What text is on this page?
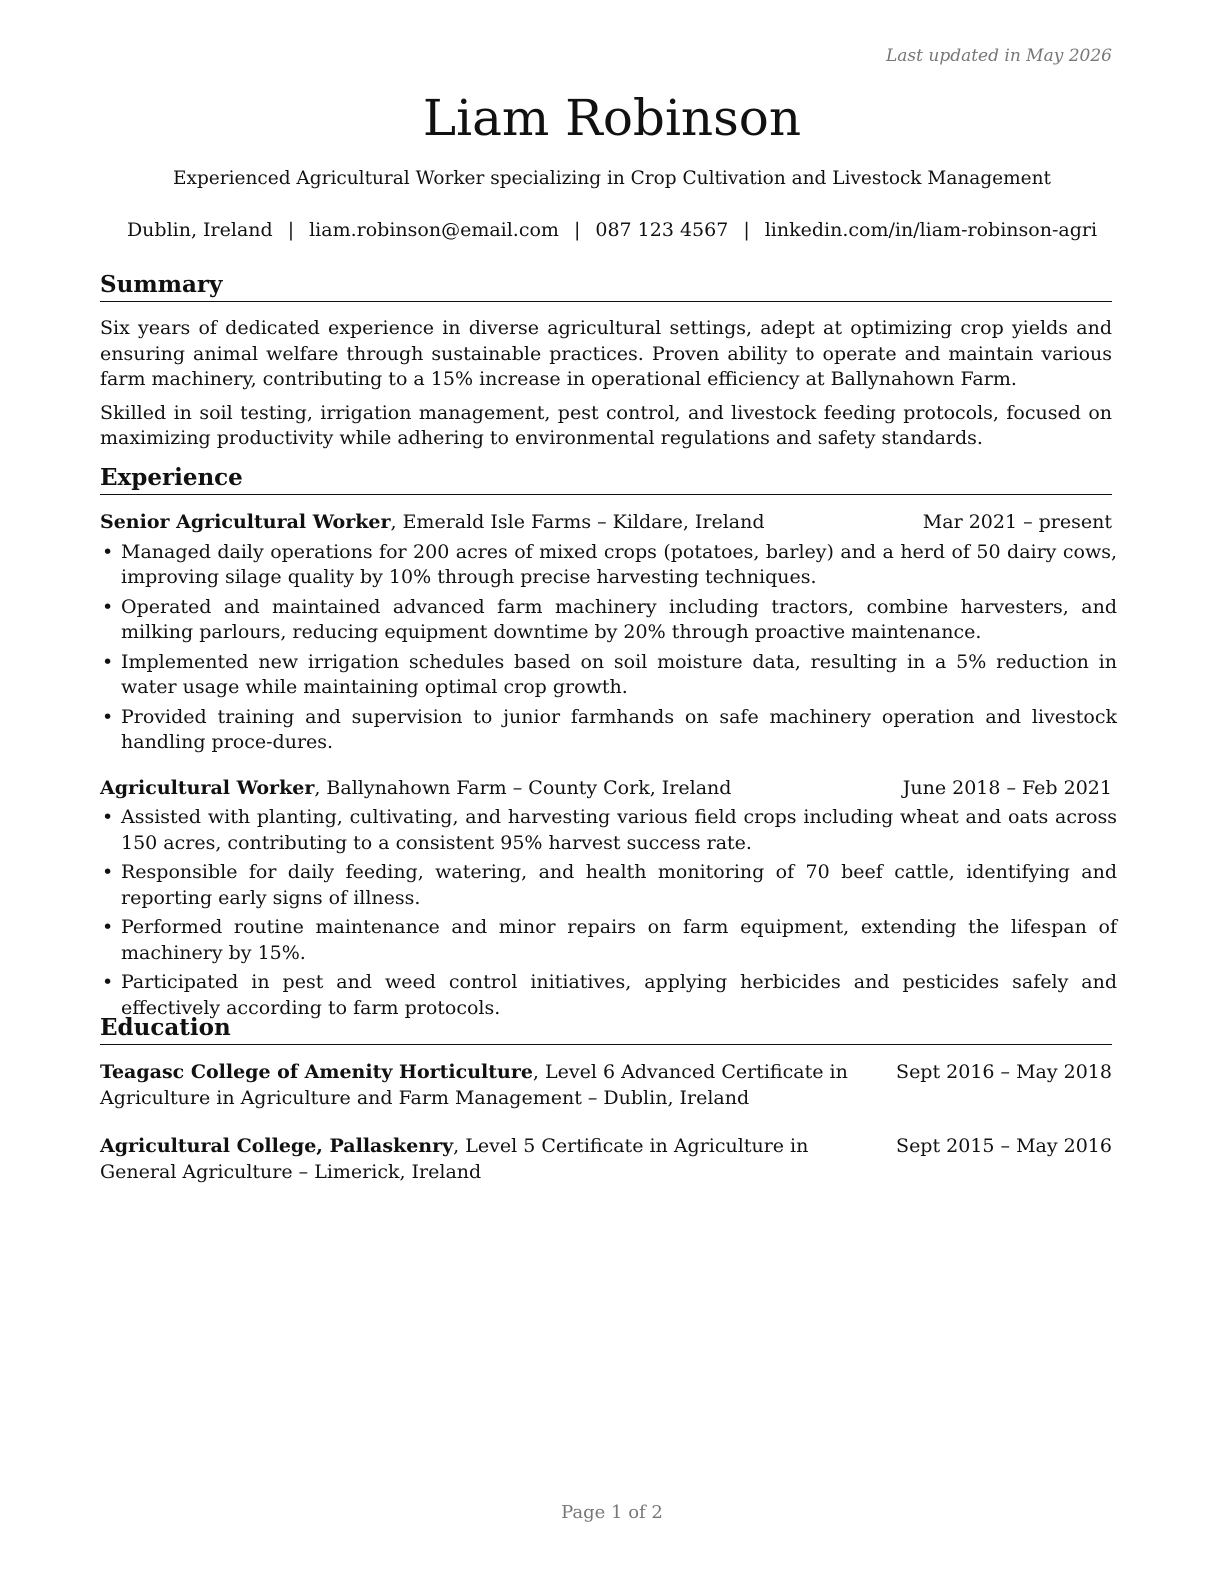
Last updated in May 2026
Liam Robinson
Experienced Agricultural Worker specializing in Crop Cultivation and Livestock Management
Dublin, Ireland | liam.robinson@email.com | 087 123 4567 | linkedin.com/in/liam-robinson-agri
Summary

Six years of dedicated experience in diverse agricultural settings, adept at optimizing crop yields and ensuring animal welfare through sustainable practices. Proven ability to operate and maintain various farm machinery, contributing to a 15% increase in operational efficiency at Ballynahown Farm.

Skilled in soil testing, irrigation management, pest control, and livestock feeding protocols, focused on maximizing productivity while adhering to environmental regulations and safety standards.

Experience
Senior Agricultural Worker, Emerald Isle Farms – Kildare, Ireland	Mar 2021 – present
• Managed daily operations for 200 acres of mixed crops (potatoes, barley) and a herd of 50 dairy cows, improving silage quality by 10% through precise harvesting techniques.
• Operated and maintained advanced farm machinery including tractors, combine harvesters, and milking parlours, reducing equipment downtime by 20% through proactive maintenance.
• Implemented new irrigation schedules based on soil moisture data, resulting in a 5% reduction in water usage while maintaining optimal crop growth.
• Provided training and supervision to junior farmhands on safe machinery operation and livestock handling proce-dures.
Agricultural Worker, Ballynahown Farm – County Cork, Ireland	June 2018 – Feb 2021
• Assisted with planting, cultivating, and harvesting various field crops including wheat and oats across 150 acres, contributing to a consistent 95% harvest success rate.
• Responsible for daily feeding, watering, and health monitoring of 70 beef cattle, identifying and reporting early signs of illness.
• Performed routine maintenance and minor repairs on farm equipment, extending the lifespan of machinery by 15%.
• Participated in pest and weed control initiatives, applying herbicides and pesticides safely and effectively according to farm protocols.
Education
Teagasc College of Amenity Horticulture, Level 6 Advanced Certificate in Agriculture in Agriculture and Farm Management – Dublin, Ireland
Sept 2016 – May 2018
Agricultural College, Pallaskenry, Level 5 Certificate in Agriculture in General Agriculture – Limerick, Ireland
Sept 2015 – May 2016
Page 1 of 2
